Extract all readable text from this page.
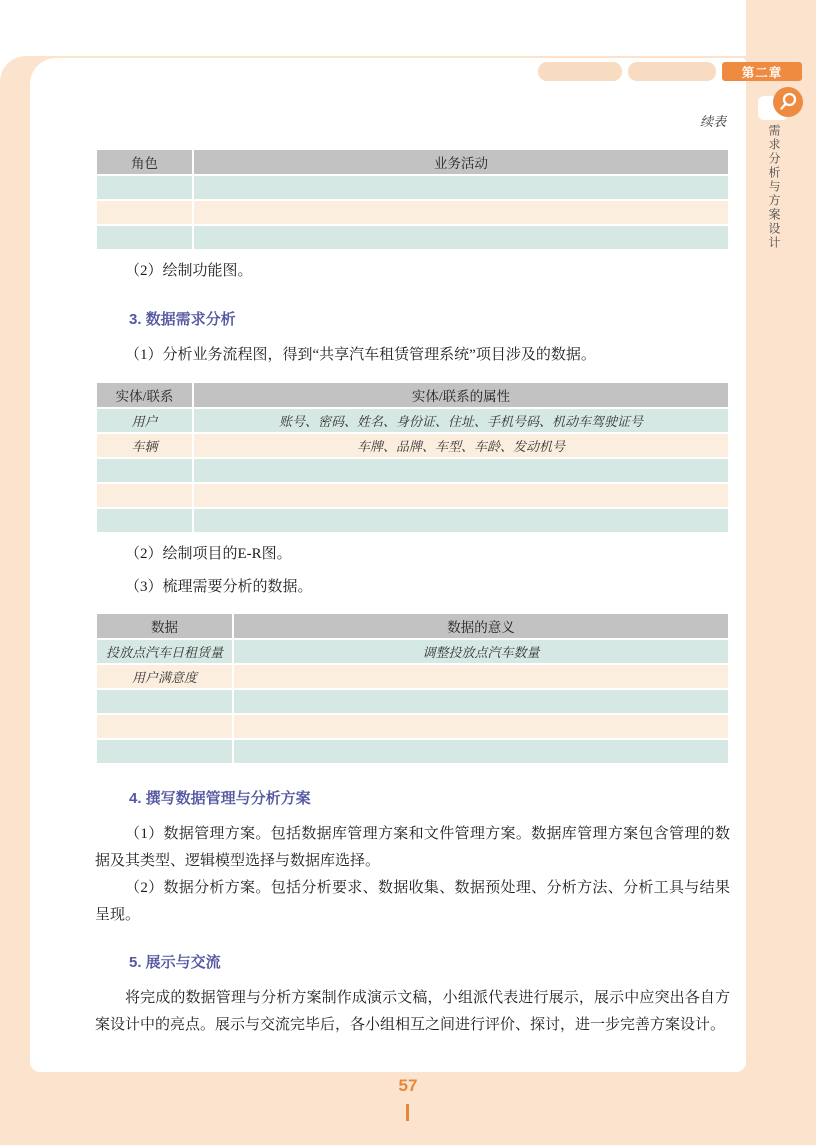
第二章
需求分析与方案设计
续表
角色	业务活动

（2）绘制功能图。
3. 数据需求分析
（1）分析业务流程图，得到“共享汽车租赁管理系统”项目涉及的数据。
实体/联系	实体/联系的属性
用户	账号、密码、姓名、身份证、住址、手机号码、机动车驾驶证号
车辆	车牌、品牌、车型、车龄、发动机号

（2）绘制项目的E-R图。
（3）梳理需要分析的数据。
数据	数据的意义
投放点汽车日租赁量	调整投放点汽车数量
用户满意度	

4. 撰写数据管理与分析方案
（1）数据管理方案。包括数据库管理方案和文件管理方案。数据库管理方案包含管理的数据及其类型、逻辑模型选择与数据库选择。
（2）数据分析方案。包括分析要求、数据收集、数据预处理、分析方法、分析工具与结果呈现。
5. 展示与交流
将完成的数据管理与分析方案制作成演示文稿，小组派代表进行展示，展示中应突出各自方案设计中的亮点。展示与交流完毕后，各小组相互之间进行评价、探讨，进一步完善方案设计。
57
